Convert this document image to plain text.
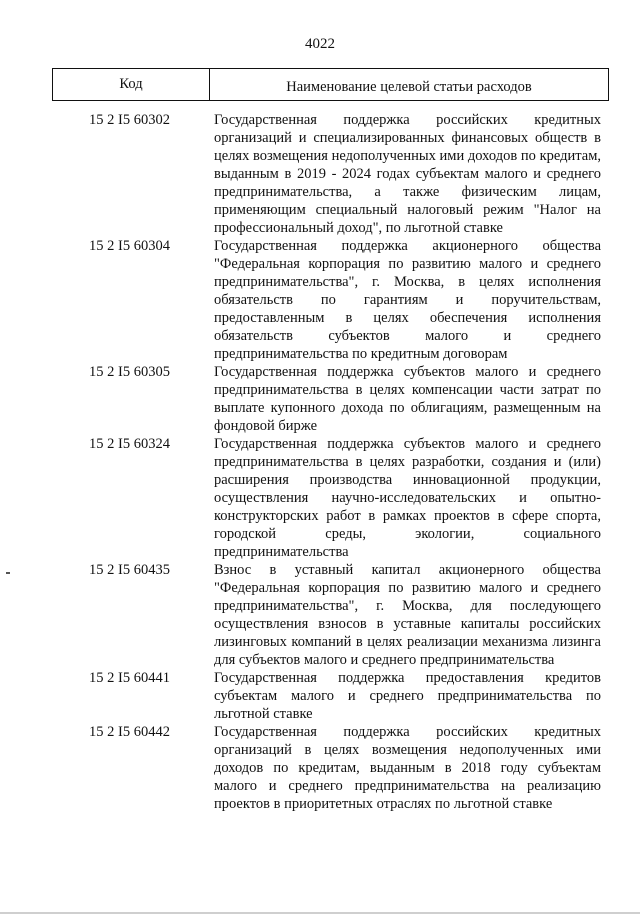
4022
Код	Наименование целевой статьи расходов
15 2 I5 60302	Государственная поддержка российских кредитных организаций и специализированных финансовых обществ в целях возмещения недополученных ими доходов по кредитам, выданным в 2019 - 2024 годах субъектам малого и среднего предпринимательства, а также физическим лицам, применяющим специальный налоговый режим "Налог на профессиональный доход", по льготной ставке
15 2 I5 60304	Государственная поддержка акционерного общества "Федеральная корпорация по развитию малого и среднего предпринимательства", г. Москва, в целях исполнения обязательств по гарантиям и поручительствам, предоставленным в целях обеспечения исполнения обязательств субъектов малого и среднего предпринимательства по кредитным договорам
15 2 I5 60305	Государственная поддержка субъектов малого и среднего предпринимательства в целях компенсации части затрат по выплате купонного дохода по облигациям, размещенным на фондовой бирже
15 2 I5 60324	Государственная поддержка субъектов малого и среднего предпринимательства в целях разработки, создания и (или) расширения производства инновационной продукции, осуществления научно-исследовательских и опытно-конструкторских работ в рамках проектов в сфере спорта, городской среды, экологии, социального предпринимательства
15 2 I5 60435	Взнос в уставный капитал акционерного общества "Федеральная корпорация по развитию малого и среднего предпринимательства", г. Москва, для последующего осуществления взносов в уставные капиталы российских лизинговых компаний в целях реализации механизма лизинга для субъектов малого и среднего предпринимательства
15 2 I5 60441	Государственная поддержка предоставления кредитов субъектам малого и среднего предпринимательства по льготной ставке
15 2 I5 60442	Государственная поддержка российских кредитных организаций в целях возмещения недополученных ими доходов по кредитам, выданным в 2018 году субъектам малого и среднего предпринимательства на реализацию проектов в приоритетных отраслях по льготной ставке
